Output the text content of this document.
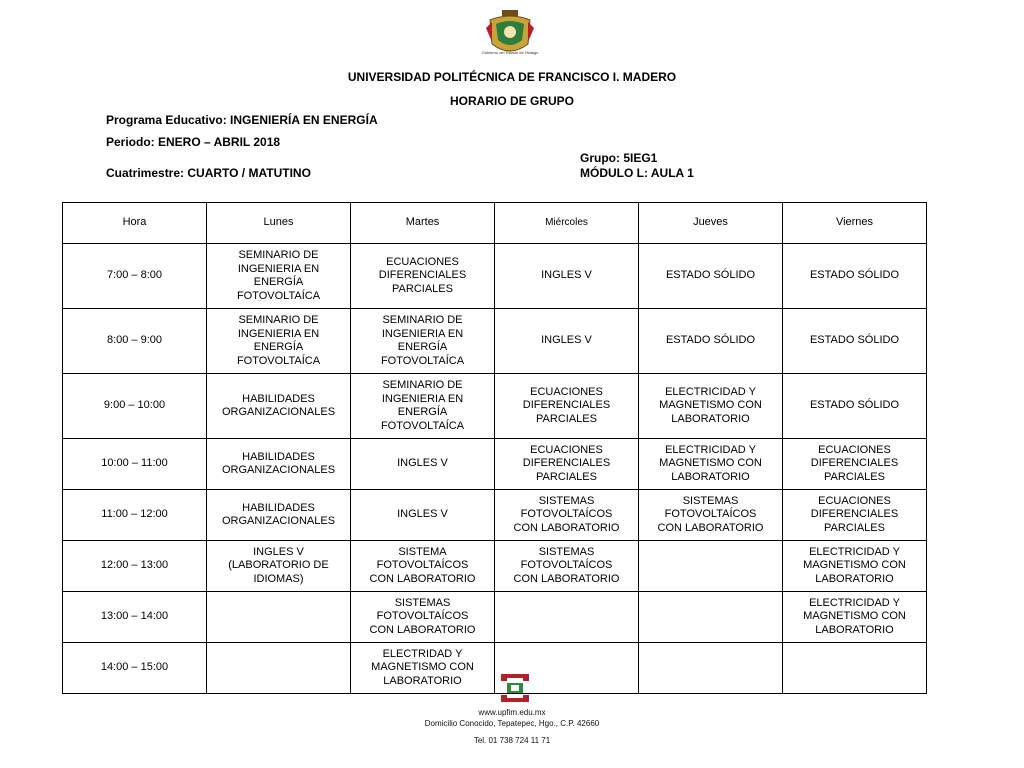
Gobierno del Estado de Hidalgo
UNIVERSIDAD POLITÉCNICA DE FRANCISCO I. MADERO
HORARIO DE GRUPO
Programa Educativo: INGENIERÍA EN ENERGÍA
Periodo: ENERO – ABRIL 2018
Grupo: 5IEG1
Cuatrimestre: CUARTO / MATUTINO	MÓDULO L: AULA 1
Hora	Lunes	Martes	Miércoles	Jueves	Viernes
7:00 – 8:00	SEMINARIO DE
INGENIERIA EN
ENERGÍA
FOTOVOLTAÍCA	ECUACIONES
DIFERENCIALES
PARCIALES	INGLES V	ESTADO SÓLIDO	ESTADO SÓLIDO
8:00 – 9:00	SEMINARIO DE
INGENIERIA EN
ENERGÍA
FOTOVOLTAÍCA	SEMINARIO DE
INGENIERIA EN
ENERGÍA
FOTOVOLTAÍCA	INGLES V	ESTADO SÓLIDO	ESTADO SÓLIDO
9:00 – 10:00	HABILIDADES
ORGANIZACIONALES	SEMINARIO DE
INGENIERIA EN
ENERGÍA
FOTOVOLTAÍCA	ECUACIONES
DIFERENCIALES
PARCIALES	ELECTRICIDAD Y
MAGNETISMO CON
LABORATORIO	ESTADO SÓLIDO
10:00 – 11:00	HABILIDADES
ORGANIZACIONALES	INGLES V	ECUACIONES
DIFERENCIALES
PARCIALES	ELECTRICIDAD Y
MAGNETISMO CON
LABORATORIO	ECUACIONES
DIFERENCIALES
PARCIALES
11:00 – 12:00	HABILIDADES
ORGANIZACIONALES	INGLES V	SISTEMAS
FOTOVOLTAÍCOS
CON LABORATORIO	SISTEMAS
FOTOVOLTAÍCOS
CON LABORATORIO	ECUACIONES
DIFERENCIALES
PARCIALES
12:00 – 13:00	INGLES V
(LABORATORIO DE
IDIOMAS)	SISTEMA
FOTOVOLTAÍCOS
CON LABORATORIO	SISTEMAS
FOTOVOLTAÍCOS
CON LABORATORIO		ELECTRICIDAD Y
MAGNETISMO CON
LABORATORIO
13:00 – 14:00		SISTEMAS
FOTOVOLTAÍCOS
CON LABORATORIO			ELECTRICIDAD Y
MAGNETISMO CON
LABORATORIO
14:00 – 15:00		ELECTRIDAD Y
MAGNETISMO CON
LABORATORIO			
www.upfim.edu.mx
Domicilio Conocido, Tepatepec, Hgo., C.P. 42660
Tel. 01 738 724 11 71
